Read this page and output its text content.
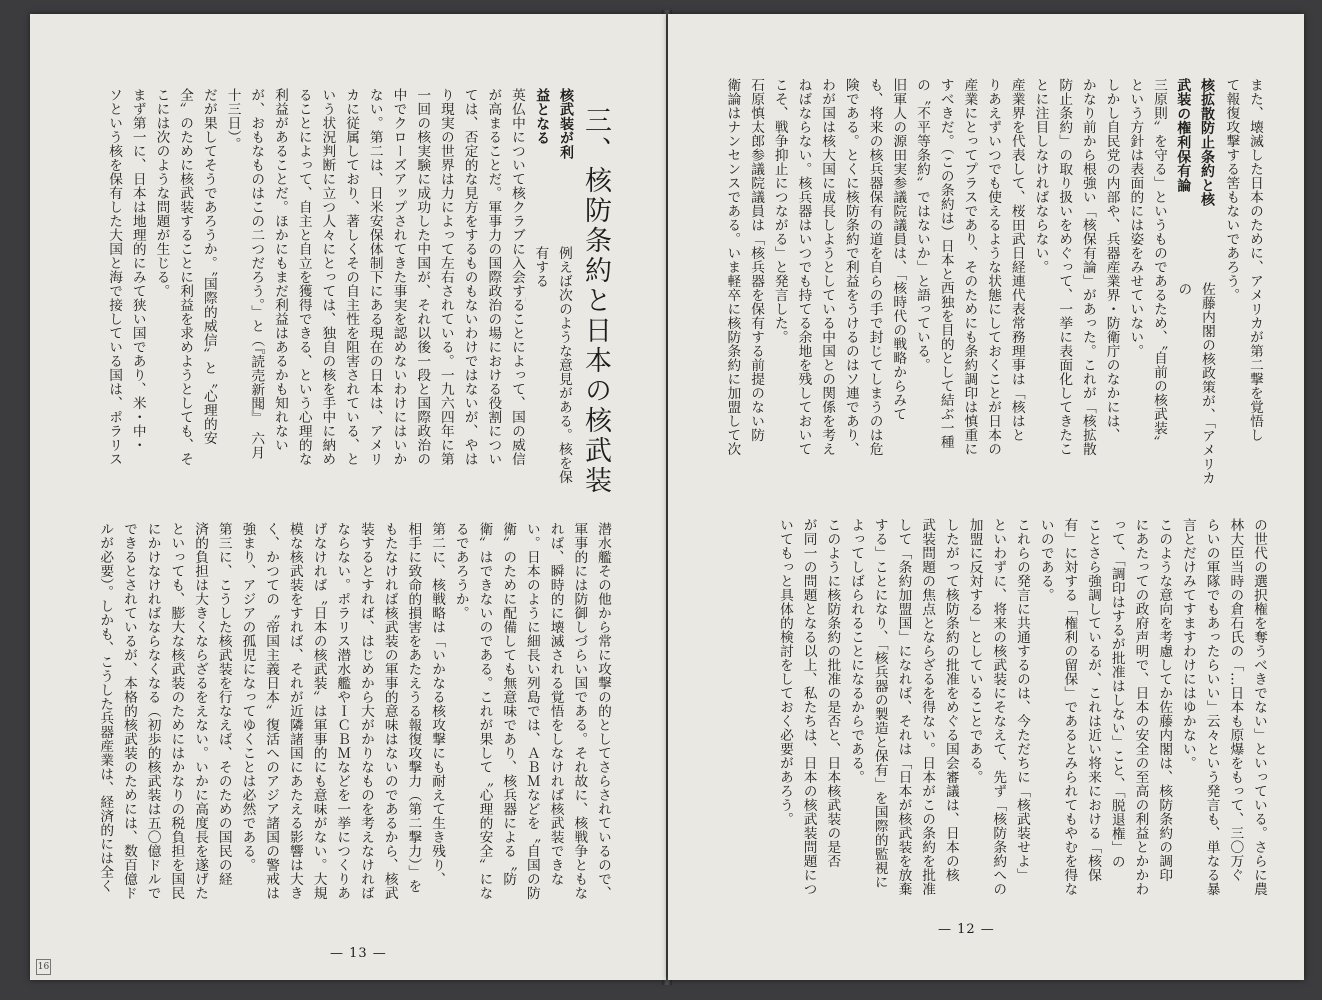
三、核防条約と日本の核武装
核武装が利
益となる
例えば次のような意見がある。核を保有する

英仏中について核クラブに入会することによって、国の威信
が高まることだ。軍事力の国際政治の場における役割につい
ては、否定的な見方をするものもないわけではないが、やは
り現実の世界は力によって左右されている。一九六四年に第
一回の核実験に成功した中国が、それ以後一段と国際政治の
中でクローズアップされてきた事実を認めないわけにはいか
ない。第二は、日米安保体制下にある現在の日本は、アメリ
カに従属しており、著しくその自主性を阻害されている、と
いう状況判断に立つ人々にとっては、独自の核を手中に納め
ることによって、自主と自立を獲得できる、という心理的な
利益があることだ。ほかにもまだ利益はあるかも知れない
が、おもなものはこの二つだろう。」と（『読売新聞』　六月
十三日）。
だが果してそうであろうか。〝国際的威信〟と〝心理的安
全〟のために核武装することに利益を求めようとしても、そ
こには次のような問題が生じる。
まず第一に、日本は地理的にみて狭い国であり、米・中・
ソという核を保有した大国と海で接している国は、ポラリス
潜水艦その他から常に攻撃の的としてさらされているので、
軍事的には防御しづらい国である。それ故に、核戦争ともな
れば、瞬時的に壊滅される覚悟をしなければ核武装できな
い。日本のように細長い列島では、ＡＢＭなどを〝自国の防
衛〟のために配備しても無意味であり、核兵器による〝防
衛〟はできないのである。これが果して〝心理的安全〟にな
るであろうか。
第二に、核戦略は「いかなる核攻撃にも耐えて生き残り、
相手に致命的損害をあたえうる報復攻撃力（第二撃力）」を
もたなければ核武装の軍事的意味はないのであるから、核武
装するとすれば、はじめから大がかりなものを考えなければ
ならない。ポラリス潜水艦やＩＣＢＭなどを一挙につくりあ
げなければ〝日本の核武装〟は軍事的にも意味がない。大規
模な核武装をすれば、それが近隣諸国にあたえる影響は大き
く、かつての〝帝国主義日本〟復活へのアジア諸国の警戒は
強まり、アジアの孤児になってゆくことは必然である。
第三に、こうした核武装を行なえば、そのための国民の経
済的負担は大きくならざるをえない。いかに高度長を遂げた
といっても、膨大な核武装のためにはかなりの税負担を国民
にかけなければならなくなる（初歩的核武装は五〇億ドルで
できるとされているが、本格的核武装のためには、数百億ド
ルが必要）。しかも、こうした兵器産業は、経済的には全く

— 13 —
16
また、壊滅した日本のために、アメリカが第二撃を覚悟し
て報復攻撃する筈もないであろう。
核拡散防止条約と核
武装の権利保有論
佐藤内閣の核政策が、「アメリカの

三原則〟を守る」というものであるため、〝自前の核武装〟
という方針は表面的には姿をみせていない。
しかし自民党の内部や、兵器産業界・防衛庁のなかには、
かなり前から根強い「核保有論」があった。これが「核拡散
防止条約」の取り扱いをめぐって、一挙に表面化してきたこ
とに注目しなければならない。
産業界を代表して、桜田武日経連代表常務理事は「核はと
りあえずいつでも使えるような状態にしておくことが日本の
産業にとってプラスであり、そのためにも条約調印は慎重に
すべきだ。（この条約は）日本と西独を目的として結ぶ一種
の〝不平等条約〟ではないか」と語っている。
旧軍人の源田実参議院議員は、「核時代の戦略からみて
も、将来の核兵器保有の道を自らの手で封じてしまうのは危
険である。とくに核防条約で利益をうけるのはソ連であり、
わが国は核大国に成長しようとしている中国との関係を考え
ねばならない。核兵器はいつでも持てる余地を残しておいて
こそ、戦争抑止につながる」と発言した。
石原慎太郎参議院議員は「核兵器を保有する前提のない防
衛論はナンセンスである。いま軽卒に核防条約に加盟して次
の世代の選択権を奪うべきでない」といっている。さらに農
林大臣当時の倉石氏の「…日本も原爆をもって、三〇万ぐ
らいの軍隊でもあったらいい」云々という発言も、単なる暴
言とだけみてすますわけにはゆかない。
このような意向を考慮してか佐藤内閣は、核防条約の調印
にあたっての政府声明で、日本の安全の至高の利益とかかわ
って、「調印はするが批准はしない」こと、「脱退権」の
ことさら強調しているが、これは近い将来における「核保
有」に対する「権利の留保」であるとみられてもやむを得な
いのである。
これらの発言に共通するのは、今ただちに「核武装せよ」
といわずに、将来の核武装にそなえて、先ず「核防条約への
加盟に反対する」としていることである。
したがって核防条約の批准をめぐる国会審議は、日本の核
武装問題の焦点とならざるを得ない。日本がこの条約を批准
して「条約加盟国」になれば、それは「日本が核武装を放棄
する」ことになり、「核兵器の製造と保有」を国際的監視に
よってしばられることになるからである。
このように核防条約の批准の是否と、日本核武装の是否
が同一の問題となる以上、私たちは、日本の核武装問題につ
いてもっと具体的検討をしておく必要があろう。
— 12 —
